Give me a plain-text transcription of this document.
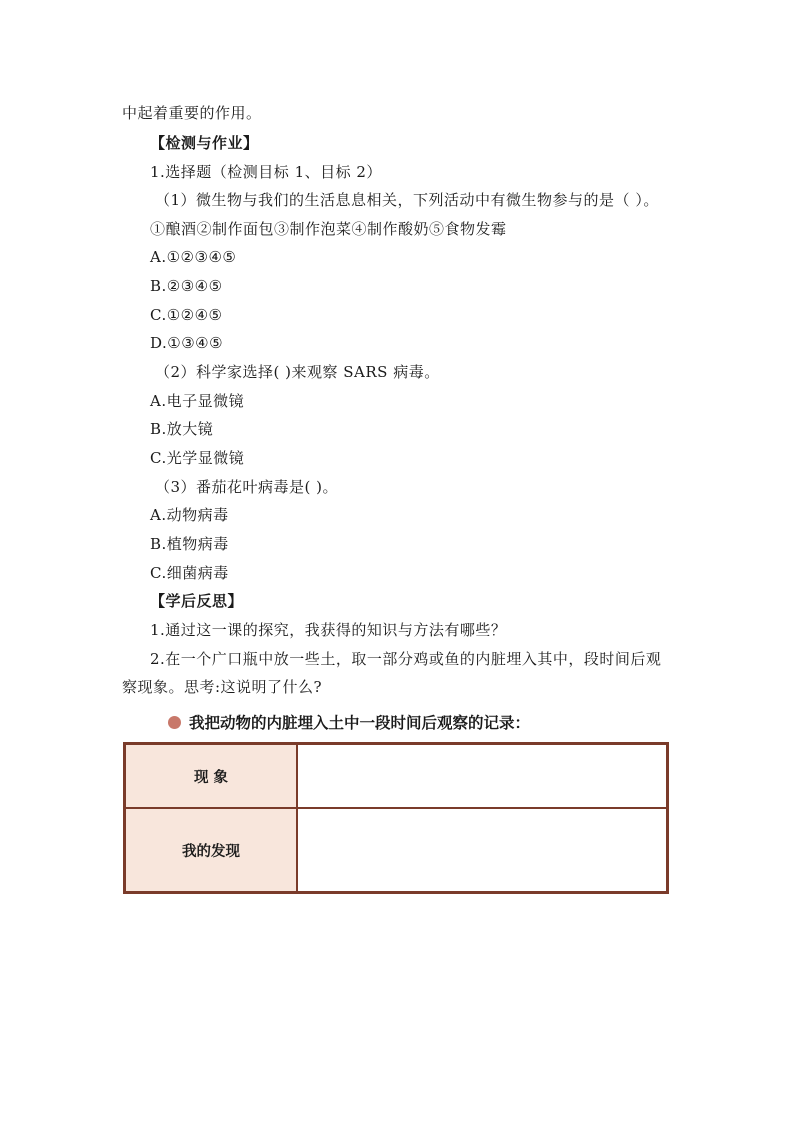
中起着重要的作用。
【检测与作业】
1.选择题（检测目标 1、目标 2）
（1）微生物与我们的生活息息相关，下列活动中有微生物参与的是（ ）。
①酿酒②制作面包③制作泡菜④制作酸奶⑤食物发霉
A.①②③④⑤
B.②③④⑤
C.①②④⑤
D.①③④⑤
（2）科学家选择( )来观察 SARS 病毒。
A.电子显微镜
B.放大镜
C.光学显微镜
（3）番茄花叶病毒是( )。
A.动物病毒
B.植物病毒
C.细菌病毒
【学后反思】
1.通过这一课的探究，我获得的知识与方法有哪些？
2.在一个广口瓶中放一些土，取一部分鸡或鱼的内脏埋入其中，段时间后观
察现象。思考:这说明了什么?
我把动物的内脏埋入土中一段时间后观察的记录：
现 象
我的发现
